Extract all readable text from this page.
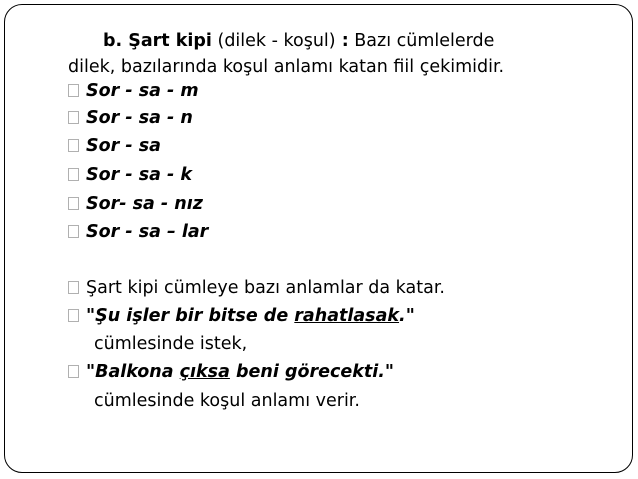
b. Şart kipi (dilek - koşul) : Bazı cümlelerde
dilek, bazılarında koşul anlamı katan fiil çekimidir.
Sor - sa - m
Sor - sa - n
Sor - sa
Sor - sa - k
Sor- sa - nız
Sor - sa – lar
Şart kipi cümleye bazı anlamlar da katar.
"Şu işler bir bitse de rahatlasak."
cümlesinde istek,
"Balkona çıksa beni görecekti."
cümlesinde koşul anlamı verir.
